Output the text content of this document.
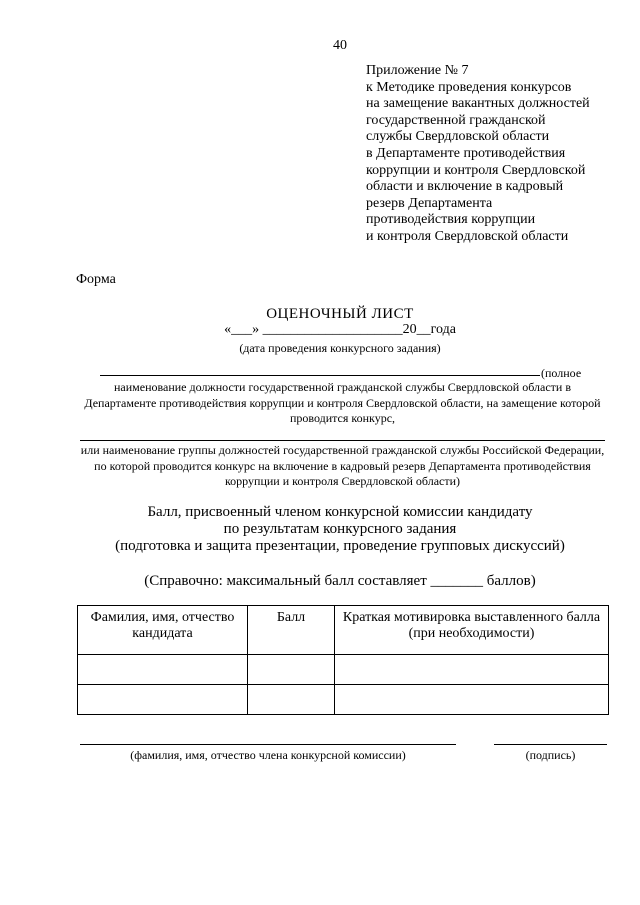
40
Приложение № 7
к Методике проведения конкурсов
на замещение вакантных должностей
государственной гражданской
службы Свердловской области
в Департаменте противодействия
коррупции и контроля Свердловской
области и включение в кадровый
резерв Департамента
противодействия коррупции
и контроля Свердловской области
Форма
ОЦЕНОЧНЫЙ ЛИСТ
«___» ____________________20__года
(дата проведения конкурсного задания)
(полное
наименование должности государственной гражданской службы Свердловской области в Департаменте противодействия коррупции и контроля Свердловской области, на замещение которой проводится конкурс,
или наименование группы должностей государственной гражданской службы Российской Федерации, по которой проводится конкурс на включение в кадровый резерв Департамента противодействия коррупции и контроля Свердловской области)
Балл, присвоенный членом конкурсной комиссии кандидату
по результатам конкурсного задания
(подготовка и защита презентации, проведение групповых дискуссий)
(Справочно: максимальный балл составляет _______ баллов)
Фамилия, имя, отчество кандидата	Балл	Краткая мотивировка выставленного балла (при необходимости)

(фамилия, имя, отчество члена конкурсной комиссии)	(подпись)
